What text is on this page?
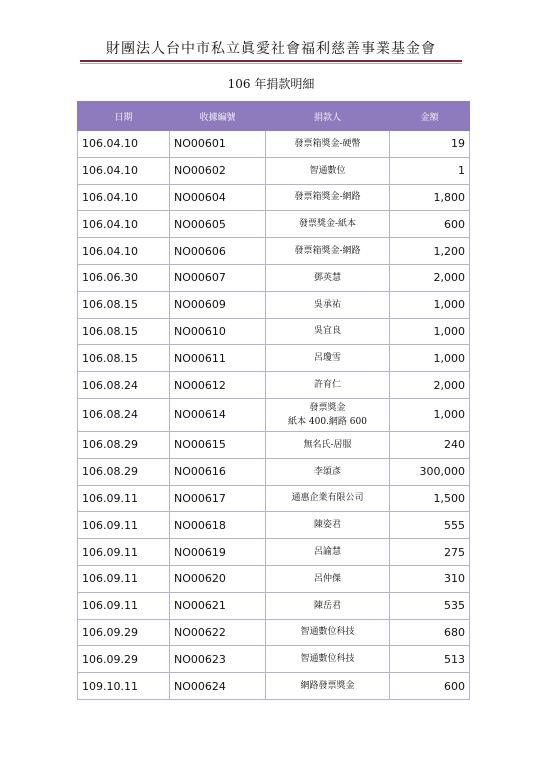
財團法人台中市私立眞愛社會福利慈善事業基金會
106 年捐款明細
日期	收據編號	捐款人	金額
106.04.10	NO00601	發票箱獎金-硬幣	19
106.04.10	NO00602	智通數位	1
106.04.10	NO00604	發票箱獎金-網路	1,800
106.04.10	NO00605	發票獎金-紙本	600
106.04.10	NO00606	發票箱獎金-網路	1,200
106.06.30	NO00607	鄧英慧	2,000
106.08.15	NO00609	吳承祐	1,000
106.08.15	NO00610	吳宜良	1,000
106.08.15	NO00611	呂瓊雪	1,000
106.08.24	NO00612	許育仁	2,000
106.08.24	NO00614	發票獎金
紙本 400.網路 600	1,000
106.08.29	NO00615	無名氏-居服	240
106.08.29	NO00616	李頌彥	300,000
106.09.11	NO00617	通惠企業有限公司	1,500
106.09.11	NO00618	陳姿君	555
106.09.11	NO00619	呂諭慧	275
106.09.11	NO00620	呂仲傑	310
106.09.11	NO00621	陳岳君	535
106.09.29	NO00622	智通數位科技	680
106.09.29	NO00623	智通數位科技	513
109.10.11	NO00624	網路發票獎金	600
